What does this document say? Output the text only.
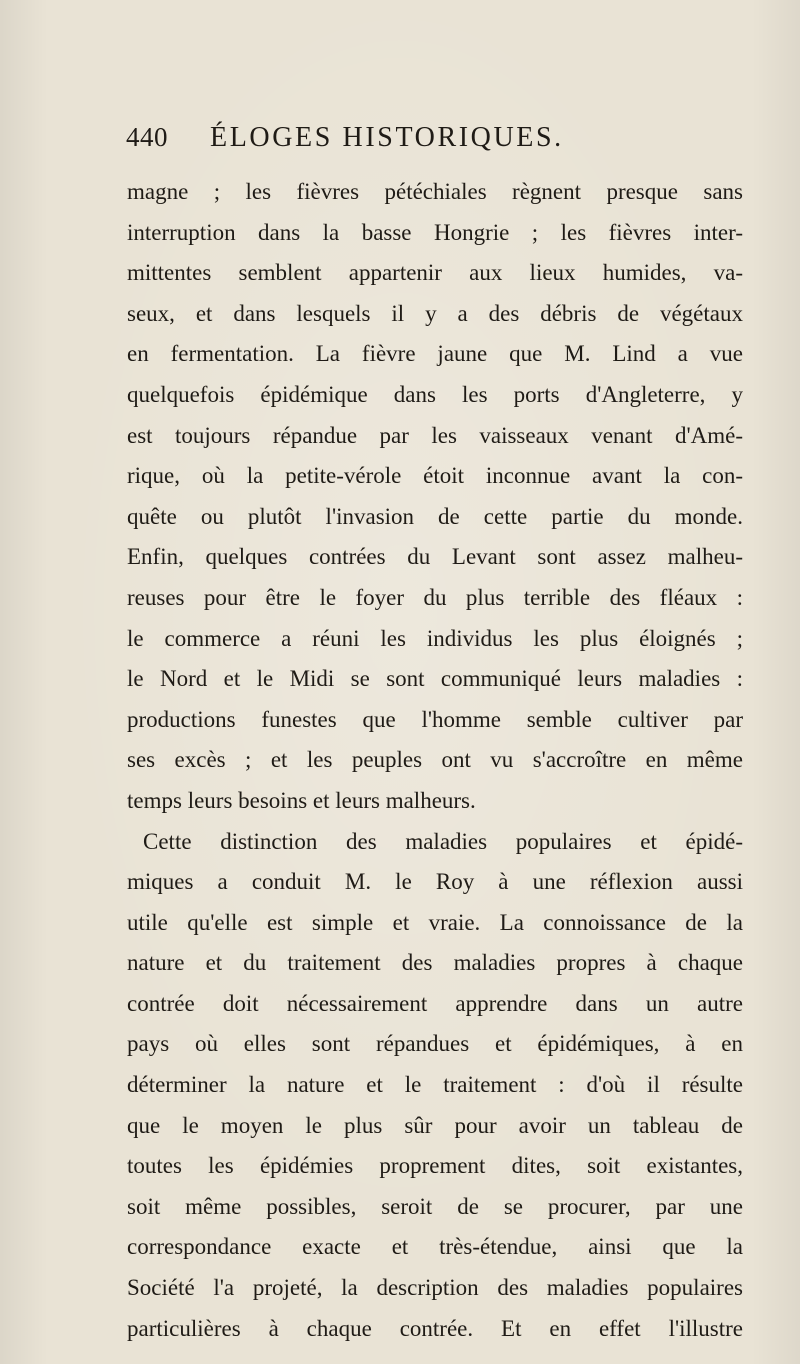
440 ÉLOGES HISTORIQUES.
magne ; les fièvres pétéchiales règnent presque sans
interruption dans la basse Hongrie ; les fièvres inter-
mittentes semblent appartenir aux lieux humides, va-
seux, et dans lesquels il y a des débris de végétaux
en fermentation. La fièvre jaune que M. Lind a vue
quelquefois épidémique dans les ports d'Angleterre, y
est toujours répandue par les vaisseaux venant d'Amé-
rique, où la petite-vérole étoit inconnue avant la con-
quête ou plutôt l'invasion de cette partie du monde.
Enfin, quelques contrées du Levant sont assez malheu-
reuses pour être le foyer du plus terrible des fléaux :
le commerce a réuni les individus les plus éloignés ;
le Nord et le Midi se sont communiqué leurs maladies :
productions funestes que l'homme semble cultiver par
ses excès ; et les peuples ont vu s'accroître en même
temps leurs besoins et leurs malheurs.
Cette distinction des maladies populaires et épidé-
miques a conduit M. le Roy à une réflexion aussi
utile qu'elle est simple et vraie. La connoissance de la
nature et du traitement des maladies propres à chaque
contrée doit nécessairement apprendre dans un autre
pays où elles sont répandues et épidémiques, à en
déterminer la nature et le traitement : d'où il résulte
que le moyen le plus sûr pour avoir un tableau de
toutes les épidémies proprement dites, soit existantes,
soit même possibles, seroit de se procurer, par une
correspondance exacte et très-étendue, ainsi que la
Société l'a projeté, la description des maladies populaires
particulières à chaque contrée. Et en effet l'illustre
